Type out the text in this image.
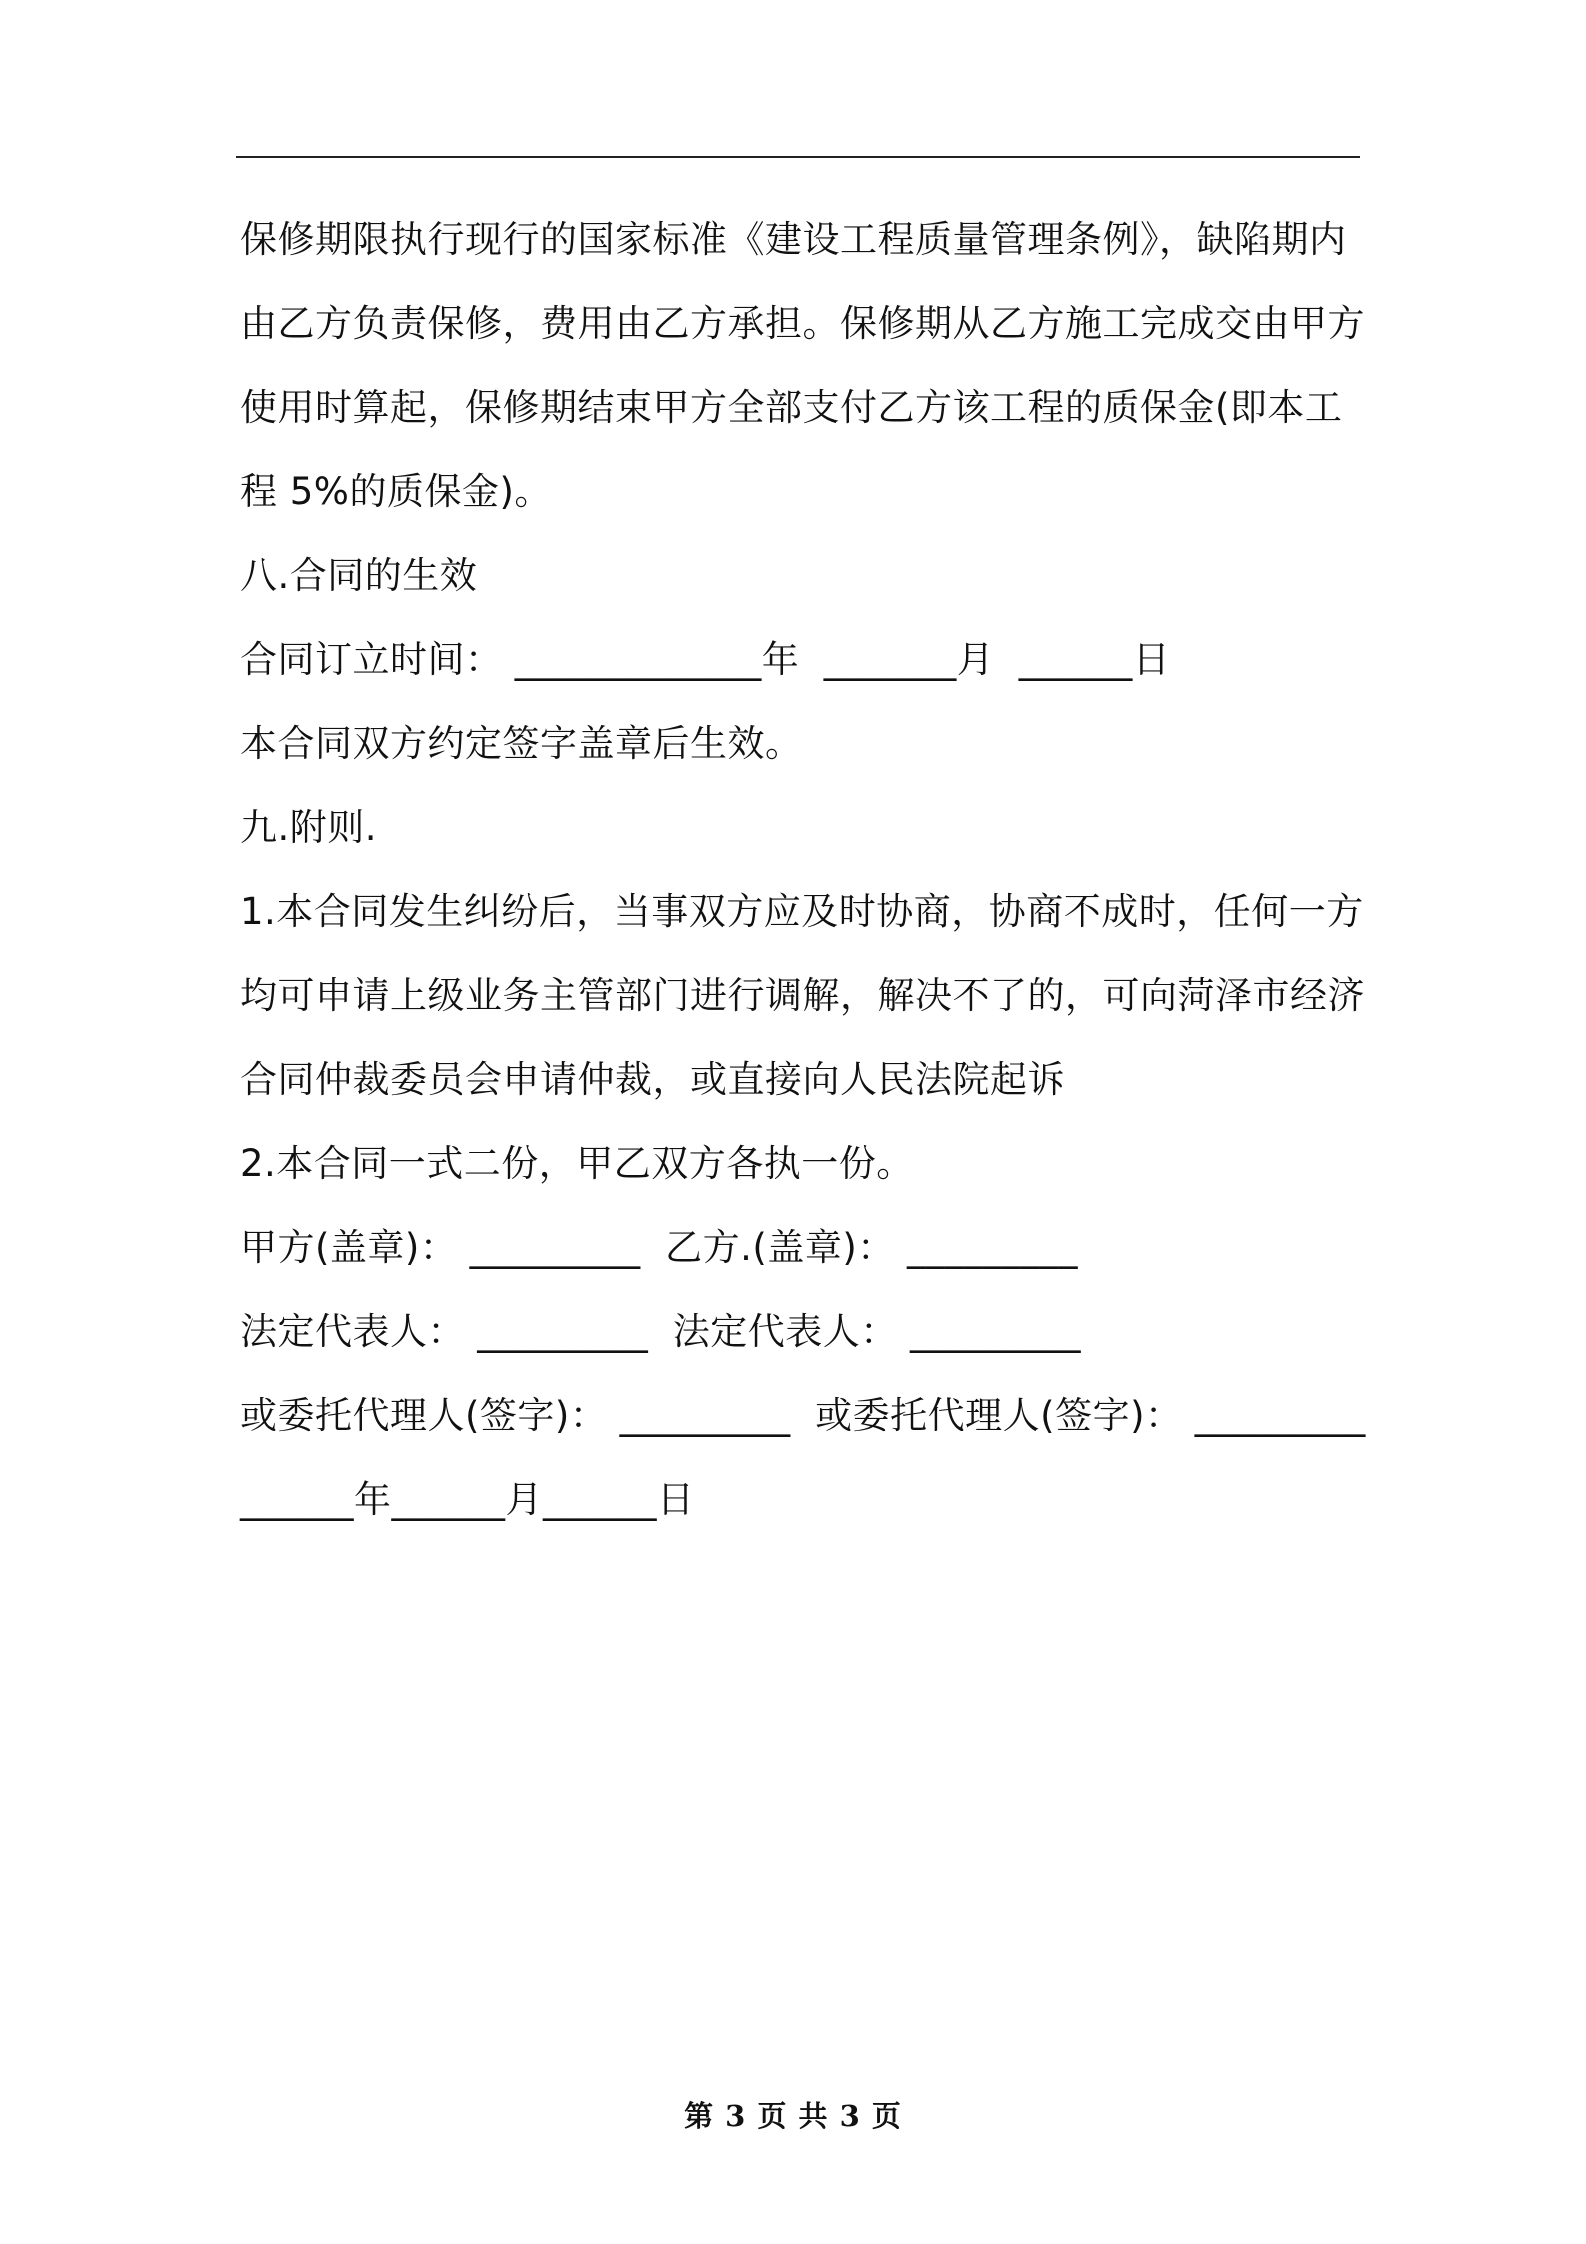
保修期限执行现行的国家标准《建设工程质量管理条例》，缺陷期内
由乙方负责保修，费用由乙方承担。保修期从乙方施工完成交由甲方
使用时算起，保修期结束甲方全部支付乙方该工程的质保金(即本工
程 5%的质保金)。
八.合同的生效
合同订立时间： _____________年  _______月  ______日
本合同双方约定签字盖章后生效。
九.附则.
1.本合同发生纠纷后，当事双方应及时协商，协商不成时，任何一方
均可申请上级业务主管部门进行调解，解决不了的，可向菏泽市经济
合同仲裁委员会申请仲裁，或直接向人民法院起诉
2.本合同一式二份，甲乙双方各执一份。
甲方(盖章)： _________  乙方.(盖章)： _________
法定代表人： _________  法定代表人： _________
或委托代理人(签字)： _________  或委托代理人(签字)： _________
______年______月______日
第 3 页 共 3 页
